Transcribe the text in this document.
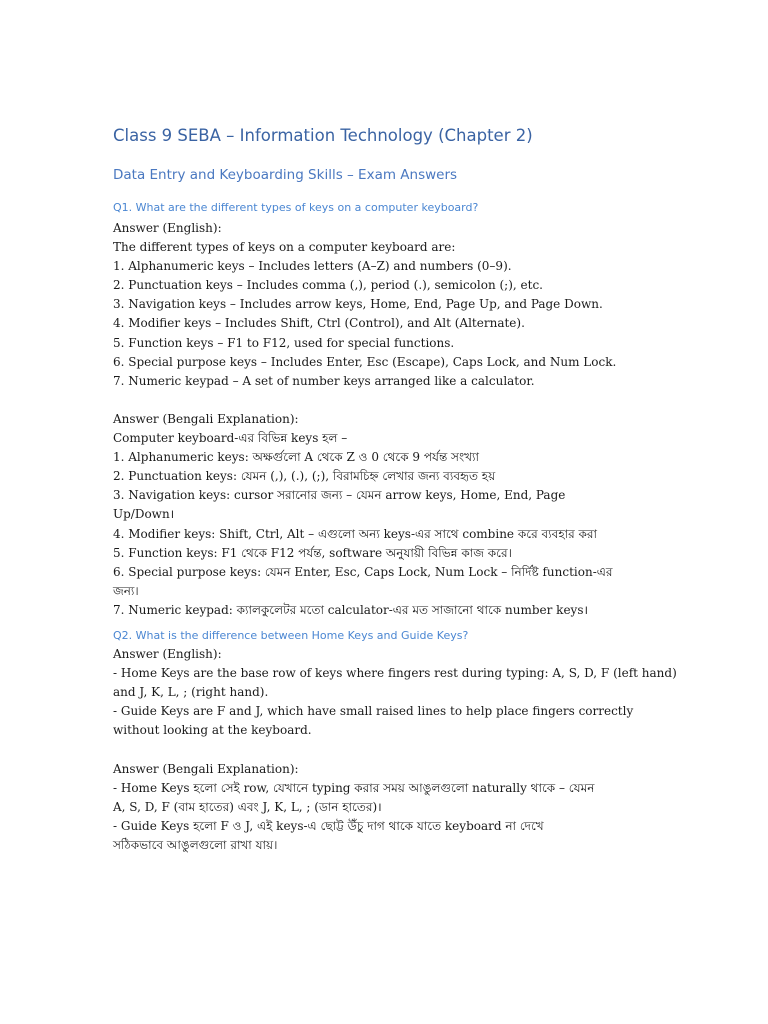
Class 9 SEBA – Information Technology (Chapter 2)
Data Entry and Keyboarding Skills – Exam Answers

Q1. What are the different types of keys on a computer keyboard?

Answer (English):

The different types of keys on a computer keyboard are:

1. Alphanumeric keys – Includes letters (A–Z) and numbers (0–9).

2. Punctuation keys – Includes comma (,), period (.), semicolon (;), etc.

3. Navigation keys – Includes arrow keys, Home, End, Page Up, and Page Down.

4. Modifier keys – Includes Shift, Ctrl (Control), and Alt (Alternate).

5. Function keys – F1 to F12, used for special functions.

6. Special purpose keys – Includes Enter, Esc (Escape), Caps Lock, and Num Lock.

7. Numeric keypad – A set of number keys arranged like a calculator.

Answer (Bengali Explanation):

Computer keyboard-এর বিভিন্ন keys হল –

1. Alphanumeric keys: অক্ষর্গুলো A থেকে Z ও 0 থেকে 9 পর্যন্ত সংখ্যা

2. Punctuation keys: যেমন (,), (.), (;), বিরামচিহ্ন লেখার জন্য ব্যবহৃত হয়

3. Navigation keys: cursor সরানোর জন্য – যেমন arrow keys, Home, End, Page

Up/Down।

4. Modifier keys: Shift, Ctrl, Alt – এগুলো অন্য keys-এর সাথে combine করে ব্যবহার করা

5. Function keys: F1 থেকে F12 পর্যন্ত, software অনুযায়ী বিভিন্ন কাজ করে।

6. Special purpose keys: যেমন Enter, Esc, Caps Lock, Num Lock – নির্দিষ্ট function-এর

জন্য।

7. Numeric keypad: ক্যালকুলেটর মতো calculator-এর মত সাজানো থাকে number keys।

Q2. What is the difference between Home Keys and Guide Keys?

Answer (English):

- Home Keys are the base row of keys where fingers rest during typing: A, S, D, F (left hand)

and J, K, L, ; (right hand).

- Guide Keys are F and J, which have small raised lines to help place fingers correctly

without looking at the keyboard.

Answer (Bengali Explanation):

- Home Keys হলো সেই row, যেখানে typing করার সময় আঙুলগুলো naturally থাকে – যেমন

A, S, D, F (বাম হাতের) এবং J, K, L, ; (ডান হাতের)।

- Guide Keys হলো F ও J, এই keys-এ ছোট্ট উঁচু দাগ থাকে যাতে keyboard না দেখে

সঠিকভাবে আঙুলগুলো রাখা যায়।
